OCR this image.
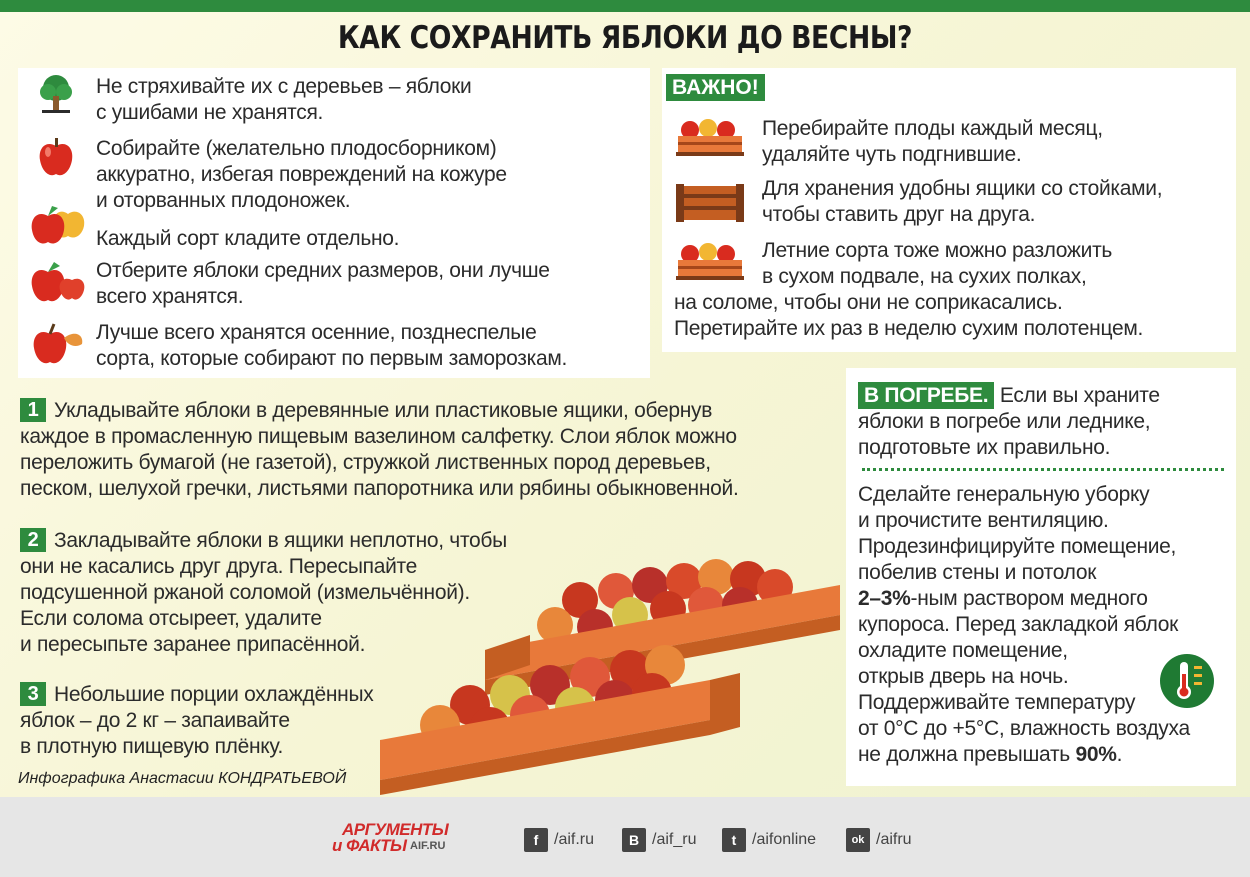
КАК СОХРАНИТЬ ЯБЛОКИ ДО ВЕСНЫ?
Не стряхивайте их с деревьев – яблоки
с ушибами не хранятся.
Собирайте (желательно плодосборником)
аккуратно, избегая повреждений на кожуре
и оторванных плодоножек.
Каждый сорт кладите отдельно.
Отберите яблоки средних размеров, они лучше
всего хранятся.
Лучше всего хранятся осенние, позднеспелые
сорта, которые собирают по первым заморозкам.
ВАЖНО!
Перебирайте плоды каждый месяц,
удаляйте чуть подгнившие.
Для хранения удобны ящики со стойками,
чтобы ставить друг на друга.
Летние сорта тоже можно разложить
в сухом подвале, на сухих полках,
на соломе, чтобы они не соприкасались.
Перетирайте их раз в неделю сухим полотенцем.
1 Укладывайте яблоки в деревянные или пластиковые ящики, обернув
каждое в промасленную пищевым вазелином салфетку. Слои яблок можно
переложить бумагой (не газетой), стружкой лиственных пород деревьев,
песком, шелухой гречки, листьями папоротника или рябины обыкновенной.
2 Закладывайте яблоки в ящики неплотно, чтобы
они не касались друг друга. Пересыпайте
подсушенной ржаной соломой (измельчённой).
Если солома отсыреет, удалите
и пересыпьте заранее припасённой.
3 Небольшие порции охлаждённых
яблок – до 2 кг – запаивайте
в плотную пищевую плёнку.
Инфографика Анастасии КОНДРАТЬЕВОЙ
В ПОГРЕБЕ. Если вы храните
яблоки в погребе или леднике,
подготовьте их правильно.
Сделайте генеральную уборку
и прочистите вентиляцию.
Продезинфицируйте помещение,
побелив стены и потолок
2–3%-ным раствором медного
купороса. Перед закладкой яблок
охладите помещение,
открыв дверь на ночь.
Поддерживайте температуру
от 0°С до +5°С, влажность воздуха
не должна превышать 90%.
АРГУМЕНТЫ
и ФАКТЫ AIF.RU	f /aif.ru	B /aif_ru	t /aifonline	ok /aifru
